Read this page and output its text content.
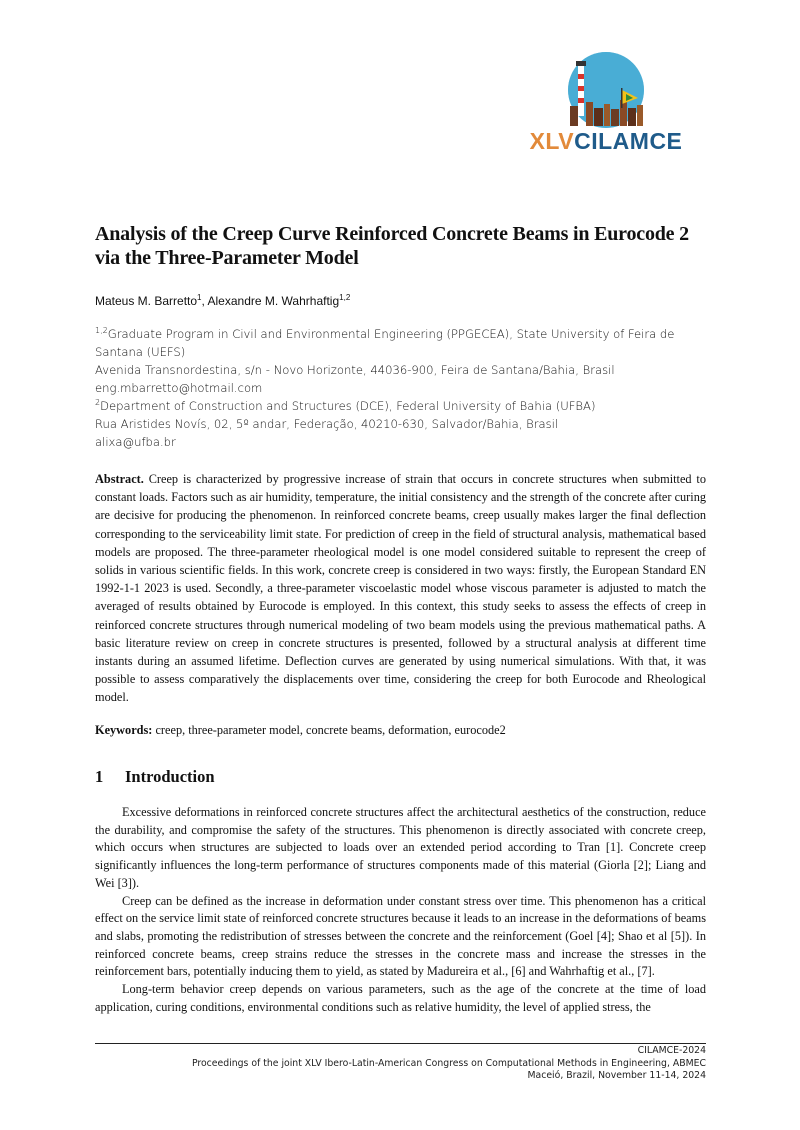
XLVCILAMCE
Analysis of the Creep Curve Reinforced Concrete Beams in Eurocode 2 via the Three-Parameter Model
Mateus M. Barretto$^1$, Alexandre M. Wahrhaftig$^{1,2}$
$^{1,2}$Graduate Program in Civil and Environmental Engineering (PPGECEA), State University of Feira de Santana (UEFS)
Avenida Transnordestina, s/n - Novo Horizonte, 44036-900, Feira de Santana/Bahia, Brasil
eng.mbarretto@hotmail.com
$^2$Department of Construction and Structures (DCE), Federal University of Bahia (UFBA)
Rua Aristides Novís, 02, 5º andar, Federação, 40210-630, Salvador/Bahia, Brasil
alixa@ufba.br

Abstract. Creep is characterized by progressive increase of strain that occurs in concrete structures when submitted to constant loads. Factors such as air humidity, temperature, the initial consistency and the strength of the concrete after curing are decisive for producing the phenomenon. In reinforced concrete beams, creep usually makes larger the final deflection corresponding to the serviceability limit state. For prediction of creep in the field of structural analysis, mathematical based models are proposed. The three-parameter rheological model is one model considered suitable to represent the creep of solids in various scientific fields. In this work, concrete creep is considered in two ways: firstly, the European Standard EN 1992-1-1 2023 is used. Secondly, a three-parameter viscoelastic model whose viscous parameter is adjusted to match the averaged of results obtained by Eurocode is employed. In this context, this study seeks to assess the effects of creep in reinforced concrete structures through numerical modeling of two beam models using the previous mathematical paths. A basic literature review on creep in concrete structures is presented, followed by a structural analysis at different time instants during an assumed lifetime. Deflection curves are generated by using numerical simulations. With that, it was possible to assess comparatively the displacements over time, considering the creep for both Eurocode and Rheological model.

Keywords: creep, three-parameter model, concrete beams, deformation, eurocode2
1 Introduction

Excessive deformations in reinforced concrete structures affect the architectural aesthetics of the construction, reduce the durability, and compromise the safety of the structures. This phenomenon is directly associated with concrete creep, which occurs when structures are subjected to loads over an extended period according to Tran [1]. Concrete creep significantly influences the long-term performance of structures components made of this material (Giorla [2]; Liang and Wei [3]).

Creep can be defined as the increase in deformation under constant stress over time. This phenomenon has a critical effect on the service limit state of reinforced concrete structures because it leads to an increase in the deformations of beams and slabs, promoting the redistribution of stresses between the concrete and the reinforcement (Goel [4]; Shao et al [5]). In reinforced concrete beams, creep strains reduce the stresses in the concrete mass and increase the stresses in the reinforcement bars, potentially inducing them to yield, as stated by Madureira et al., [6] and Wahrhaftig et al., [7].

Long-term behavior creep depends on various parameters, such as the age of the concrete at the time of load application, curing conditions, environmental conditions such as relative humidity, the level of applied stress, the

CILAMCE-2024
Proceedings of the joint XLV Ibero-Latin-American Congress on Computational Methods in Engineering, ABMEC
Maceió, Brazil, November 11-14, 2024
